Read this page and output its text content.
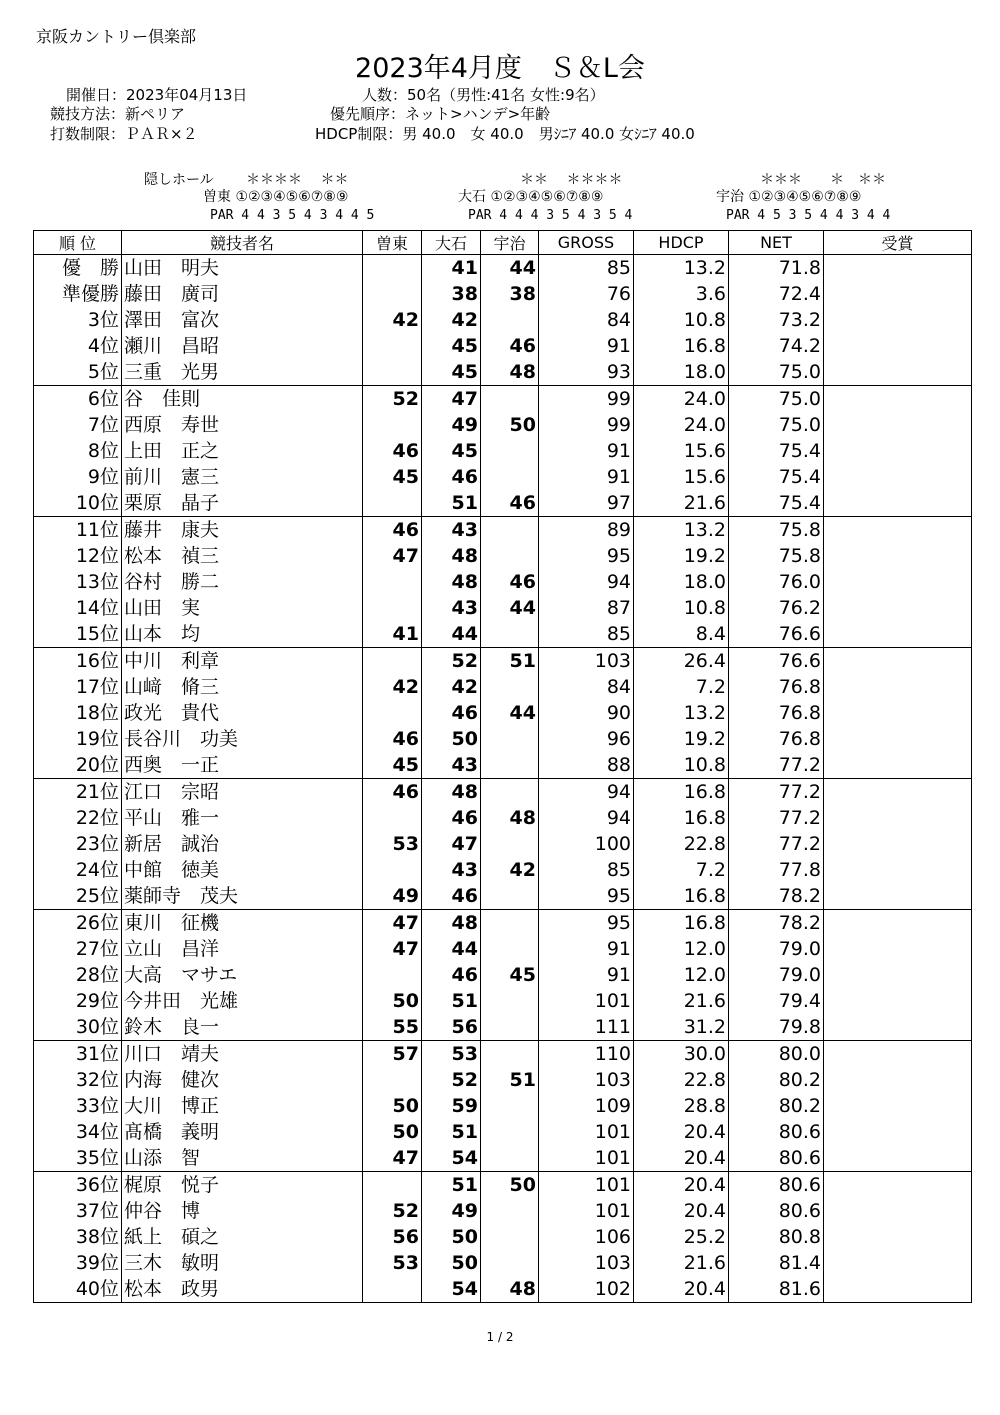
京阪カントリー倶楽部
2023年4月度　Ｓ＆L会
開催日：2023年04月13日	人数：50名（男性:41名 女性:9名）
競技方法：新ペリア	優先順序：ネット>ハンデ>年齢
打数制限：ＰＡＲ×２	HDCP制限：男 40.0　女 40.0　男ｼﾆｱ 40.0 女ｼﾆｱ 40.0
隠しホール ＊＊＊＊　 ＊＊
曽東 ①②③④⑤⑥⑦⑧⑨
PAR 4 4 3 5 4 3 4 4 5
＊＊　 ＊＊＊＊
大石 ①②③④⑤⑥⑦⑧⑨
PAR 4 4 4 3 5 4 3 5 4
＊＊＊　　＊　＊＊
宇治 ①②③④⑤⑥⑦⑧⑨
PAR 4 5 3 5 4 4 3 4 4
順 位	競技者名	曽東	大石	宇治	GROSS	HDCP	NET	受賞
優　勝	山田　明夫		41	44	85	13.2	71.8	
準優勝	藤田　廣司		38	38	76	3.6	72.4	
3位	澤田　富次	42	42		84	10.8	73.2	
4位	瀬川　昌昭		45	46	91	16.8	74.2	
5位	三重　光男		45	48	93	18.0	75.0	
6位	谷　佳則	52	47		99	24.0	75.0	
7位	西原　寿世		49	50	99	24.0	75.0	
8位	上田　正之	46	45		91	15.6	75.4	
9位	前川　憲三	45	46		91	15.6	75.4	
10位	栗原　晶子		51	46	97	21.6	75.4	
11位	藤井　康夫	46	43		89	13.2	75.8	
12位	松本　禎三	47	48		95	19.2	75.8	
13位	谷村　勝二		48	46	94	18.0	76.0	
14位	山田　実		43	44	87	10.8	76.2	
15位	山本　均	41	44		85	8.4	76.6	
16位	中川　利章		52	51	103	26.4	76.6	
17位	山﨑　脩三	42	42		84	7.2	76.8	
18位	政光　貴代		46	44	90	13.2	76.8	
19位	長谷川　功美	46	50		96	19.2	76.8	
20位	西奥　一正	45	43		88	10.8	77.2	
21位	江口　宗昭	46	48		94	16.8	77.2	
22位	平山　雅一		46	48	94	16.8	77.2	
23位	新居　誠治	53	47		100	22.8	77.2	
24位	中館　徳美		43	42	85	7.2	77.8	
25位	薬師寺　茂夫	49	46		95	16.8	78.2	
26位	東川　征機	47	48		95	16.8	78.2	
27位	立山　昌洋	47	44		91	12.0	79.0	
28位	大高　マサエ		46	45	91	12.0	79.0	
29位	今井田　光雄	50	51		101	21.6	79.4	
30位	鈴木　良一	55	56		111	31.2	79.8	
31位	川口　靖夫	57	53		110	30.0	80.0	
32位	内海　健次		52	51	103	22.8	80.2	
33位	大川　博正	50	59		109	28.8	80.2	
34位	髙橋　義明	50	51		101	20.4	80.6	
35位	山添　智	47	54		101	20.4	80.6	
36位	梶原　悦子		51	50	101	20.4	80.6	
37位	仲谷　博	52	49		101	20.4	80.6	
38位	紙上　碩之	56	50		106	25.2	80.8	
39位	三木　敏明	53	50		103	21.6	81.4	
40位	松本　政男		54	48	102	20.4	81.6	
1 / 2
